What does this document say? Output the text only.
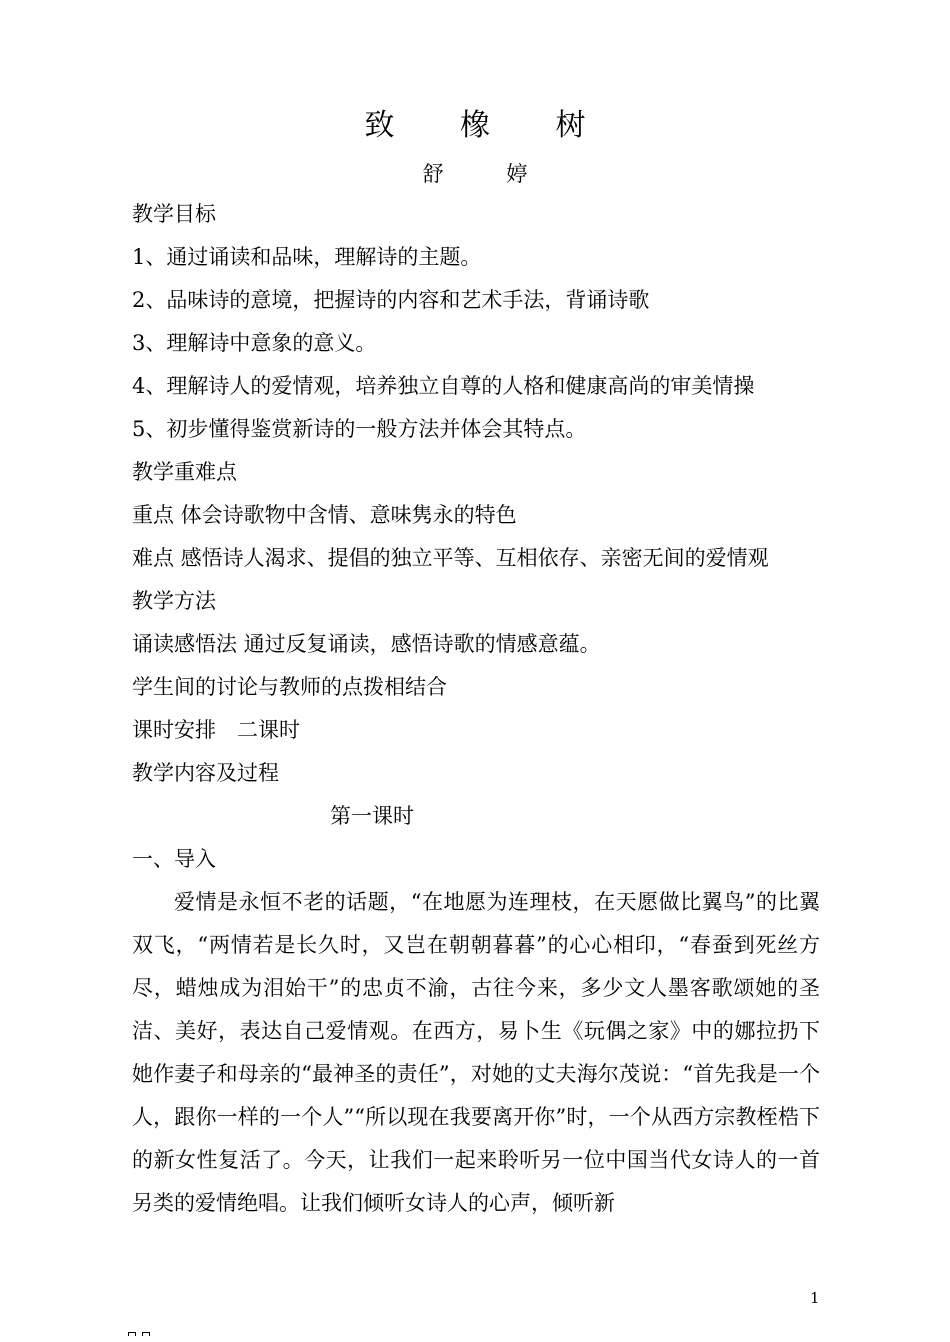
致 橡 树
舒 婷
教学目标
1、通过诵读和品味，理解诗的主题。
2、品味诗的意境，把握诗的内容和艺术手法，背诵诗歌
3、理解诗中意象的意义。
4、理解诗人的爱情观，培养独立自尊的人格和健康高尚的审美情操
5、初步懂得鉴赏新诗的一般方法并体会其特点。
教学重难点
重点 体会诗歌物中含情、意味隽永的特色
难点 感悟诗人渴求、提倡的独立平等、互相依存、亲密无间的爱情观
教学方法
诵读感悟法 通过反复诵读，感悟诗歌的情感意蕴。
学生间的讨论与教师的点拨相结合
课时安排　二课时
教学内容及过程
第一课时
一、导入

爱情是永恒不老的话题，“在地愿为连理枝，在天愿做比翼鸟”的比翼双飞，“两情若是长久时，又岂在朝朝暮暮”的心心相印，“春蚕到死丝方尽，蜡烛成为泪始干”的忠贞不渝，古往今来，多少文人墨客歌颂她的圣洁、美好，表达自己爱情观。在西方，易卜生《玩偶之家》中的娜拉扔下她作妻子和母亲的“最神圣的责任”，对她的丈夫海尔茂说：“首先我是一个人，跟你一样的一个人”“所以现在我要离开你”时，一个从西方宗教桎梏下的新女性复活了。今天，让我们一起来聆听另一位中国当代女诗人的一首另类的爱情绝唱。让我们倾听女诗人的心声，倾听新

1
